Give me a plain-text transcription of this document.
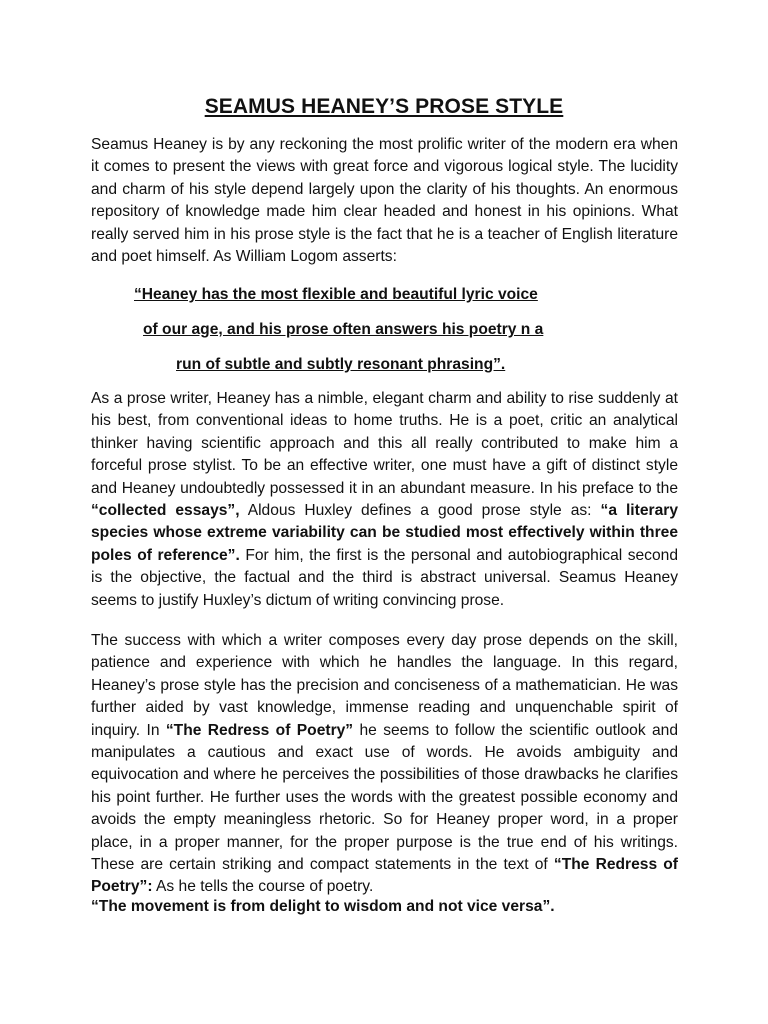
SEAMUS HEANEY’S PROSE STYLE
Seamus Heaney is by any reckoning the most prolific writer of the modern era when it comes to present the views with great force and vigorous logical style. The lucidity and charm of his style depend largely upon the clarity of his thoughts. An enormous repository of knowledge made him clear headed and honest in his opinions. What really served him in his prose style is the fact that he is a teacher of English literature and poet himself. As William Logom asserts:
“Heaney has the most flexible and beautiful lyric voice
of our age, and his prose often answers his poetry n a
run of subtle and subtly resonant phrasing”.
As a prose writer, Heaney has a nimble, elegant charm and ability to rise suddenly at his best, from conventional ideas to home truths. He is a poet, critic an analytical thinker having scientific approach and this all really contributed to make him a forceful prose stylist. To be an effective writer, one must have a gift of distinct style and Heaney undoubtedly possessed it in an abundant measure. In his preface to the “collected essays”, Aldous Huxley defines a good prose style as: “a literary species whose extreme variability can be studied most effectively within three poles of reference”. For him, the first is the personal and autobiographical second is the objective, the factual and the third is abstract universal. Seamus Heaney seems to justify Huxley’s dictum of writing convincing prose.
The success with which a writer composes every day prose depends on the skill, patience and experience with which he handles the language. In this regard, Heaney’s prose style has the precision and conciseness of a mathematician. He was further aided by vast knowledge, immense reading and unquenchable spirit of inquiry. In “The Redress of Poetry” he seems to follow the scientific outlook and manipulates a cautious and exact use of words. He avoids ambiguity and equivocation and where he perceives the possibilities of those drawbacks he clarifies his point further. He further uses the words with the greatest possible economy and avoids the empty meaningless rhetoric. So for Heaney proper word, in a proper place, in a proper manner, for the proper purpose is the true end of his writings. These are certain striking and compact statements in the text of “The Redress of Poetry”: As he tells the course of poetry.
“The movement is from delight to wisdom and not vice versa”.
